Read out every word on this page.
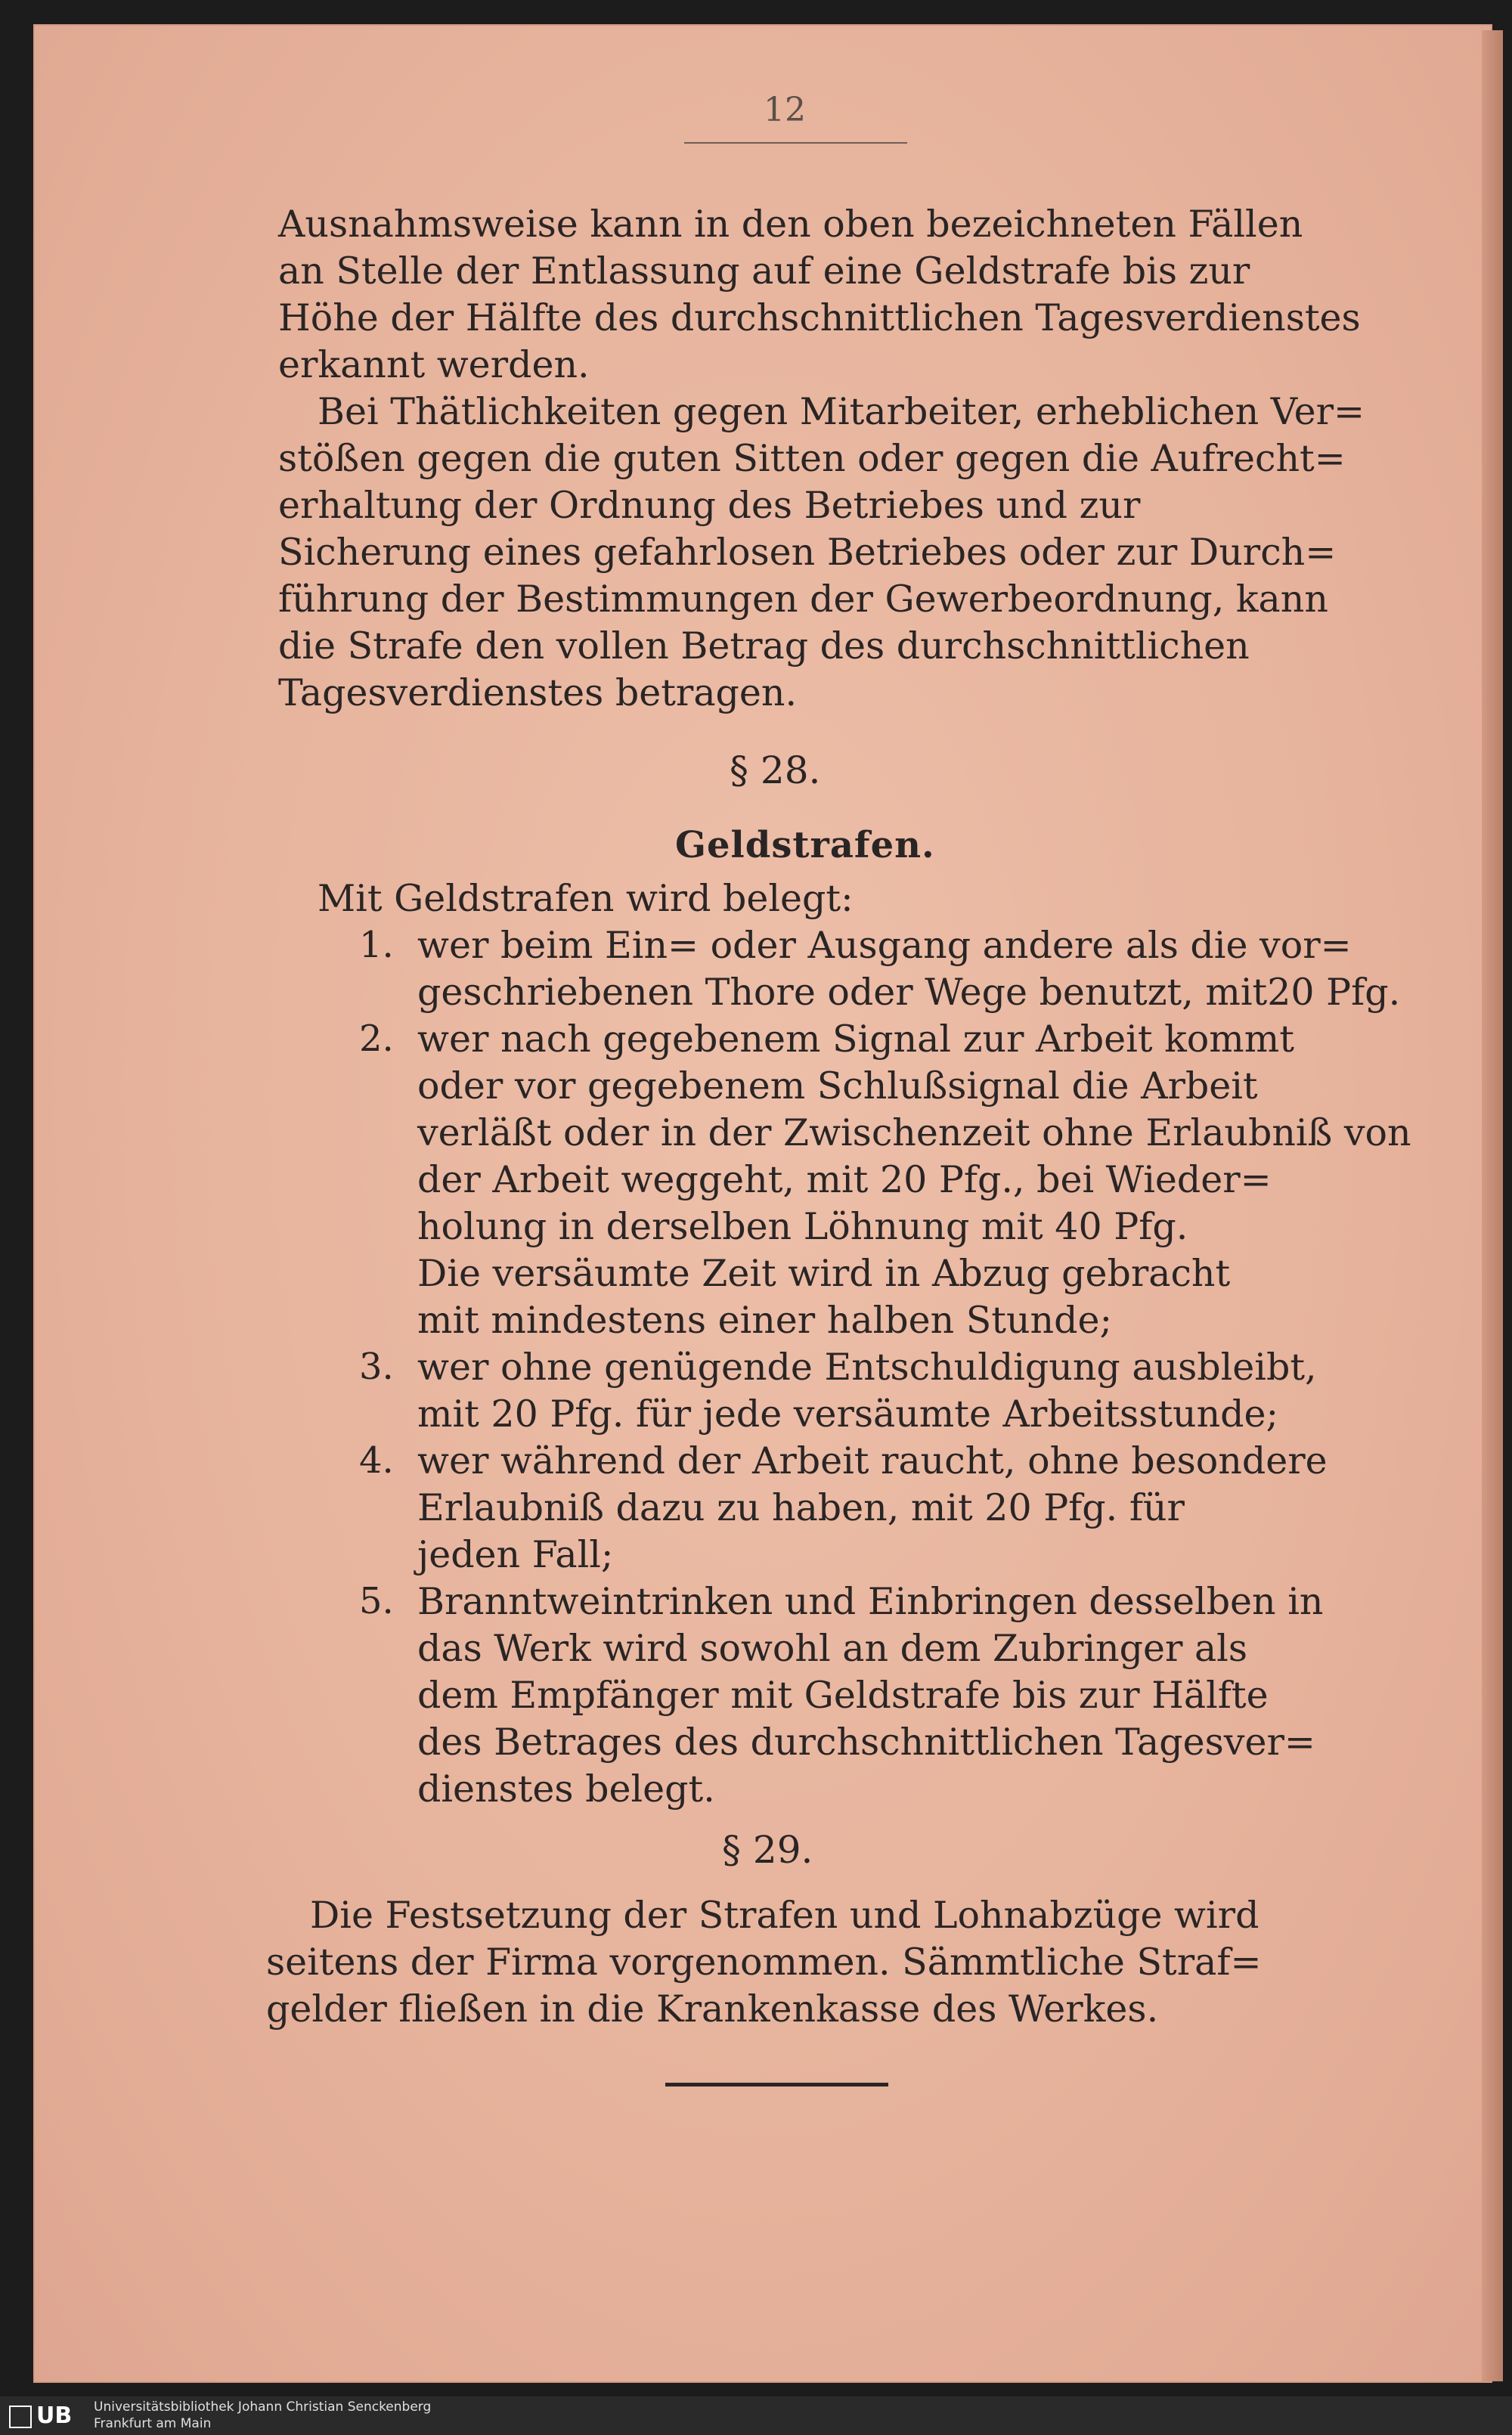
12
Ausnahmsweise kann in den oben bezeichneten Fällen
an Stelle der Entlassung auf eine Geldstrafe bis zur
Höhe der Hälfte des durchschnittlichen Tagesverdienstes
erkannt werden.
Bei Thätlichkeiten gegen Mitarbeiter, erheblichen Ver=
stößen gegen die guten Sitten oder gegen die Aufrecht=
erhaltung der Ordnung des Betriebes und zur
Sicherung eines gefahrlosen Betriebes oder zur Durch=
führung der Bestimmungen der Gewerbeordnung, kann
die Strafe den vollen Betrag des durchschnittlichen
Tagesverdienstes betragen.
§ 28.
Geldstrafen.
Mit Geldstrafen wird belegt:
1. wer beim Ein= oder Ausgang andere als die vor=
geschriebenen Thore oder Wege benutzt, mit20 Pfg.
2. wer nach gegebenem Signal zur Arbeit kommt
oder vor gegebenem Schlußsignal die Arbeit
verläßt oder in der Zwischenzeit ohne Erlaubniß von
der Arbeit weggeht, mit 20 Pfg., bei Wieder=
holung in derselben Löhnung mit 40 Pfg.
Die versäumte Zeit wird in Abzug gebracht
mit mindestens einer halben Stunde;
3. wer ohne genügende Entschuldigung ausbleibt,
mit 20 Pfg. für jede versäumte Arbeitsstunde;
4. wer während der Arbeit raucht, ohne besondere
Erlaubniß dazu zu haben, mit 20 Pfg. für
jeden Fall;
5. Branntweintrinken und Einbringen desselben in
das Werk wird sowohl an dem Zubringer als
dem Empfänger mit Geldstrafe bis zur Hälfte
des Betrages des durchschnittlichen Tagesver=
dienstes belegt.
§ 29.
Die Festsetzung der Strafen und Lohnabzüge wird
seitens der Firma vorgenommen. Sämmtliche Straf=
gelder fließen in die Krankenkasse des Werkes.
UB	Universitätsbibliothek Johann Christian Senckenberg
Frankfurt am Main
